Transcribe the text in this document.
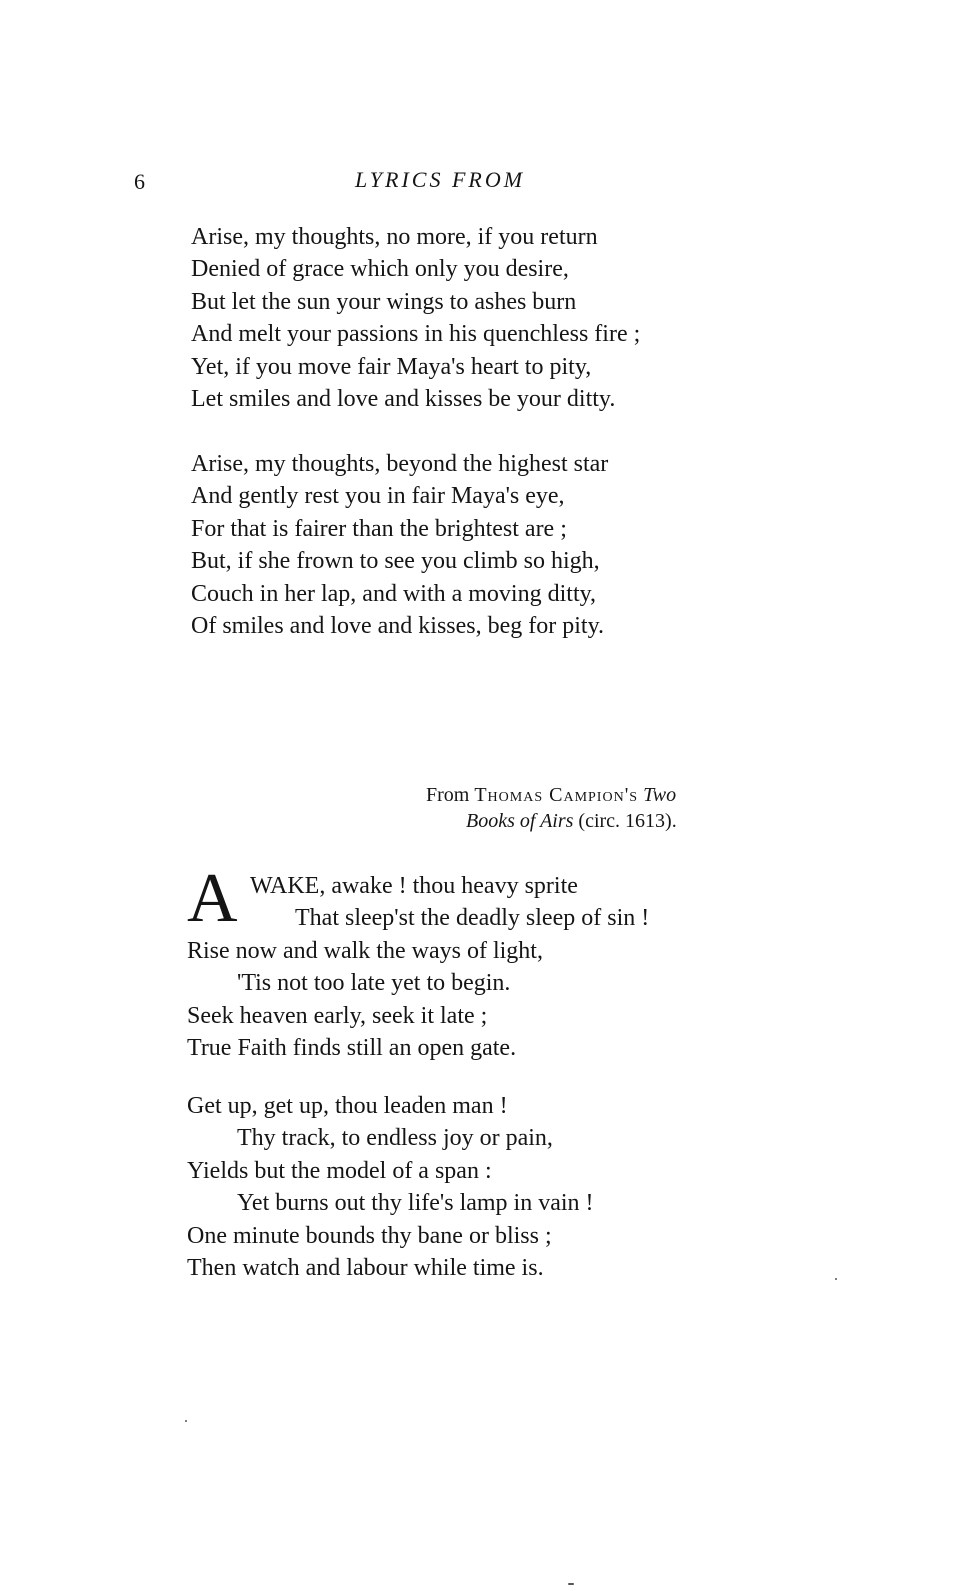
6	LYRICS FROM
Arise, my thoughts, no more, if you return
Denied of grace which only you desire,
But let the sun your wings to ashes burn
And melt your passions in his quenchless fire ;
Yet, if you move fair Maya's heart to pity,
Let smiles and love and kisses be your ditty.
Arise, my thoughts, beyond the highest star
And gently rest you in fair Maya's eye,
For that is fairer than the brightest are ;
But, if she frown to see you climb so high,
Couch in her lap, and with a moving ditty,
Of smiles and love and kisses, beg for pity.
From Thomas Campion's Two
Books of Airs (circ. 1613).
A WAKE, awake ! thou heavy sprite
That sleep'st the deadly sleep of sin !
Rise now and walk the ways of light,
'Tis not too late yet to begin.
Seek heaven early, seek it late ;
True Faith finds still an open gate.
Get up, get up, thou leaden man !
Thy track, to endless joy or pain,
Yields but the model of a span :
Yet burns out thy life's lamp in vain !
One minute bounds thy bane or bliss ;
Then watch and labour while time is.
